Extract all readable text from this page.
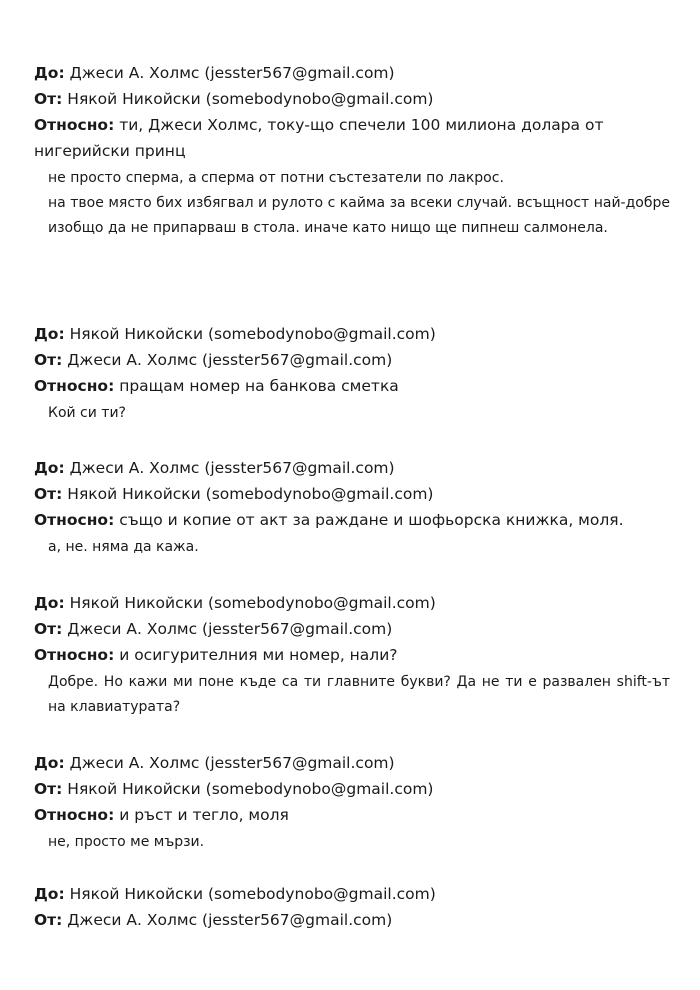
До: Джеси А. Холмс (jesster567@gmail.com)
От: Някой Никойски (somebodynobo@gmail.com)
Относно: ти, Джеси Холмс, току-що спечели 100 милиона долара от нигерийски принц

не просто сперма, а сперма от потни състезатели по лакрос.

на твое място бих избягвал и рулото с кайма за всеки случай. всъщност най-добре изобщо да не припарваш в стола. иначе като нищо ще пипнеш салмонела.

До: Някой Никойски (somebodynobo@gmail.com)
От: Джеси А. Холмс (jesster567@gmail.com)
Относно: пращам номер на банкова сметка

Кой си ти?

До: Джеси А. Холмс (jesster567@gmail.com)
От: Някой Никойски (somebodynobo@gmail.com)
Относно: също и копие от акт за раждане и шофьорска книжка, моля.

а, не. няма да кажа.

До: Някой Никойски (somebodynobo@gmail.com)
От: Джеси А. Холмс (jesster567@gmail.com)
Относно: и осигурителния ми номер, нали?

Добре. Но кажи ми поне къде са ти главните букви? Да не ти е развален shift-ът на клавиатурата?

До: Джеси А. Холмс (jesster567@gmail.com)
От: Някой Никойски (somebodynobo@gmail.com)
Относно: и ръст и тегло, моля

не, просто ме мързи.

До: Някой Никойски (somebodynobo@gmail.com)
От: Джеси А. Холмс (jesster567@gmail.com)
